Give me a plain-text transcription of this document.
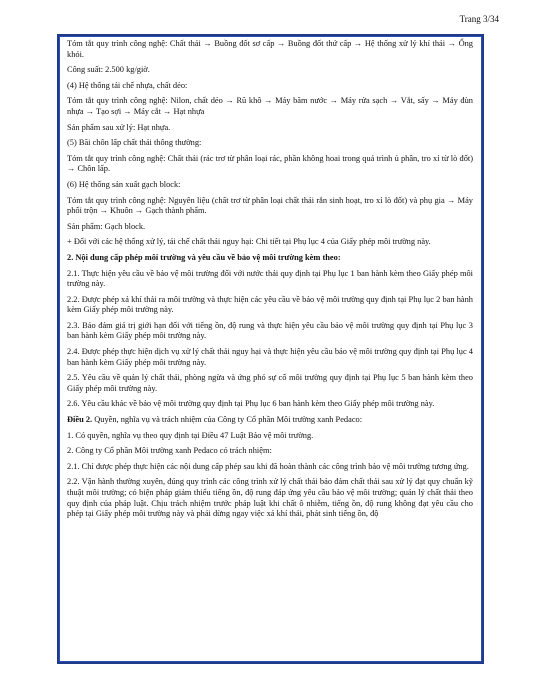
Trang 3/34

Tóm tắt quy trình công nghệ: Chất thải → Buồng đốt sơ cấp → Buồng đốt thứ cấp → Hệ thống xử lý khí thải → Ống khói.

Công suất: 2.500 kg/giờ.

(4) Hệ thống tái chế nhựa, chất dẻo:

Tóm tắt quy trình công nghệ: Nilon, chất dẻo → Rũ khô → Máy băm nước → Máy rửa sạch → Vắt, sấy → Máy đùn nhựa → Tạo sợi → Máy cắt → Hạt nhựa

Sản phẩm sau xử lý: Hạt nhựa.

(5) Bãi chôn lấp chất thải thông thường:

Tóm tắt quy trình công nghệ: Chất thải (rác trơ từ phân loại rác, phần không hoai trong quá trình ủ phân, tro xỉ từ lò đốt) → Chôn lấp.

(6) Hệ thống sản xuất gạch block:

Tóm tắt quy trình công nghệ: Nguyên liệu (chất trơ từ phân loại chất thải rắn sinh hoạt, tro xỉ lò đốt) và phụ gia → Máy phối trộn → Khuôn → Gạch thành phẩm.

Sản phẩm: Gạch block.

+ Đối với các hệ thống xử lý, tái chế chất thải nguy hại: Chi tiết tại Phụ lục 4 của Giấy phép môi trường này.

2. Nội dung cấp phép môi trường và yêu cầu về bảo vệ môi trường kèm theo:

2.1. Thực hiện yêu cầu về bảo vệ môi trường đối với nước thải quy định tại Phụ lục 1 ban hành kèm theo Giấy phép môi trường này.

2.2. Được phép xả khí thải ra môi trường và thực hiện các yêu cầu về bảo vệ môi trường quy định tại Phụ lục 2 ban hành kèm Giấy phép môi trường này.

2.3. Bảo đảm giá trị giới hạn đối với tiếng ồn, độ rung và thực hiện yêu cầu bảo vệ môi trường quy định tại Phụ lục 3 ban hành kèm Giấy phép môi trường này.

2.4. Được phép thực hiện dịch vụ xử lý chất thải nguy hại và thực hiện yêu cầu bảo vệ môi trường quy định tại Phụ lục 4 ban hành kèm Giấy phép môi trường này.

2.5. Yêu cầu về quản lý chất thải, phòng ngừa và ứng phó sự cố môi trường quy định tại Phụ lục 5 ban hành kèm theo Giấy phép môi trường này.

2.6. Yêu cầu khác về bảo vệ môi trường quy định tại Phụ lục 6 ban hành kèm theo Giấy phép môi trường này.

Điều 2. Quyền, nghĩa vụ và trách nhiệm của Công ty Cổ phần Môi trường xanh Pedaco:

1. Có quyền, nghĩa vụ theo quy định tại Điều 47 Luật Bảo vệ môi trường.

2. Công ty Cổ phần Môi trường xanh Pedaco có trách nhiệm:

2.1. Chỉ được phép thực hiện các nội dung cấp phép sau khi đã hoàn thành các công trình bảo vệ môi trường tương ứng.

2.2. Vận hành thường xuyên, đúng quy trình các công trình xử lý chất thải bảo đảm chất thải sau xử lý đạt quy chuẩn kỹ thuật môi trường; có biện pháp giảm thiểu tiếng ồn, độ rung đáp ứng yêu cầu bảo vệ môi trường; quản lý chất thải theo quy định của pháp luật. Chịu trách nhiệm trước pháp luật khi chất ô nhiễm, tiếng ồn, độ rung không đạt yêu cầu cho phép tại Giấy phép môi trường này và phải dừng ngay việc xả khí thải, phát sinh tiếng ồn, độ
